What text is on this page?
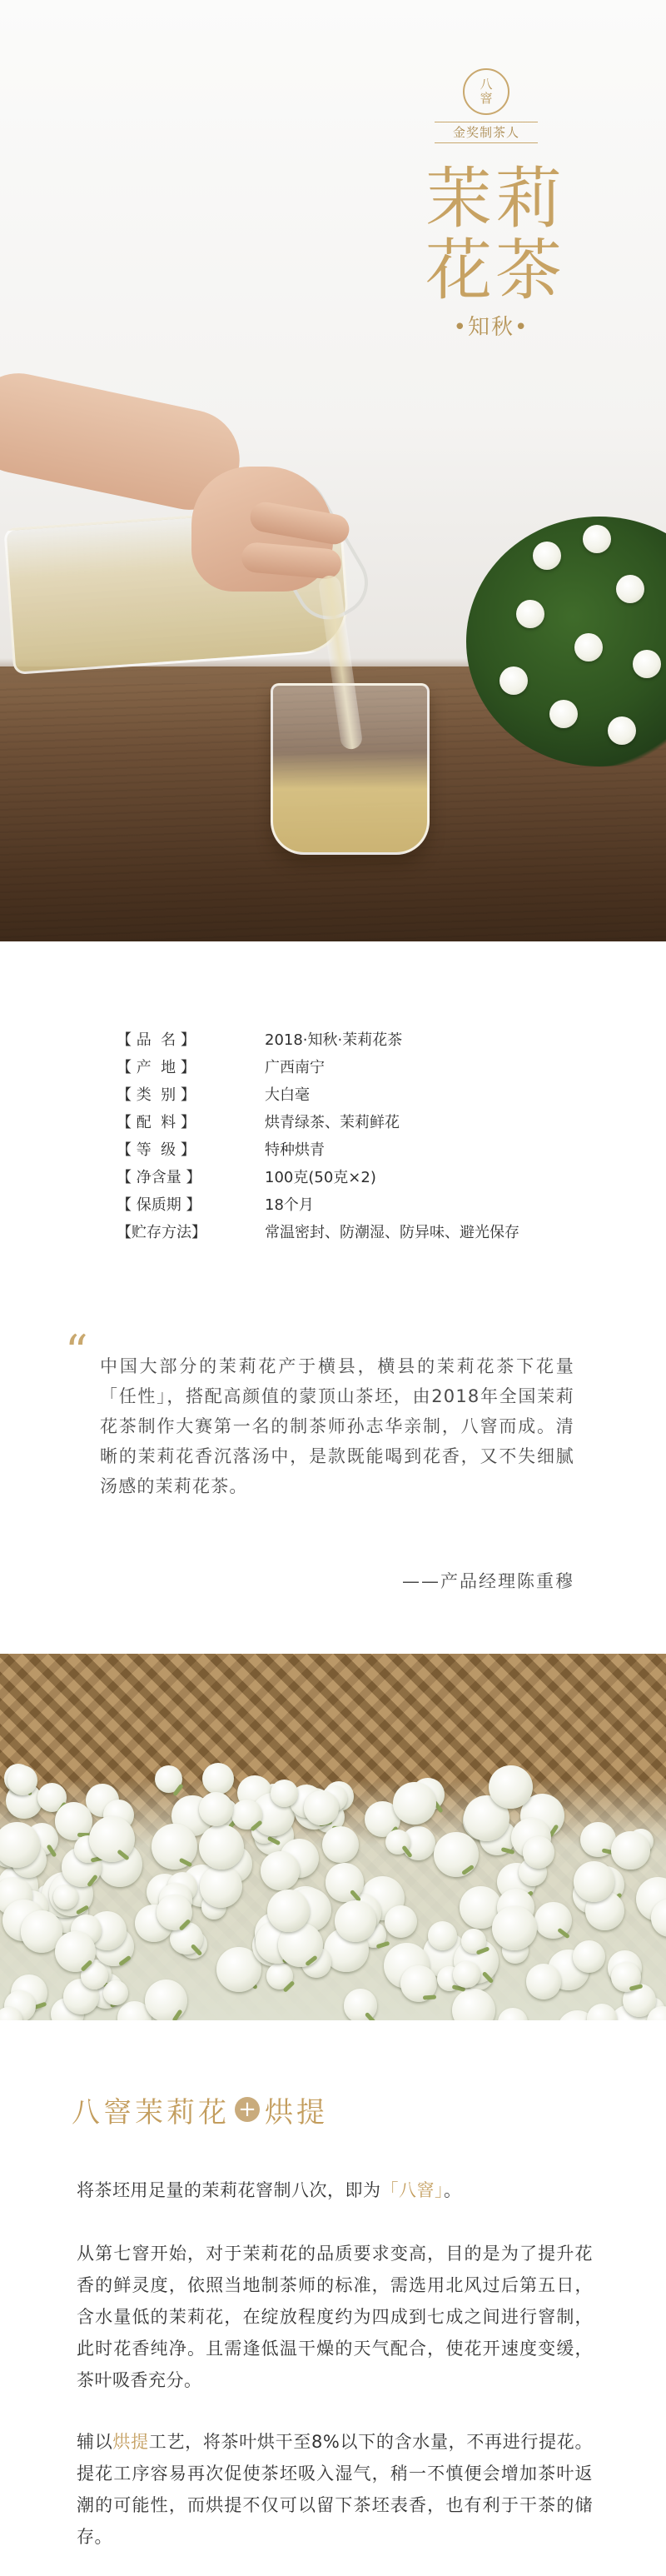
八窨
金奖制茶人
茉莉
花茶
•知秋•
【 品  名 】	2018·知秋·茉莉花茶
【 产  地 】	广西南宁
【 类  别 】	大白毫
【 配  料 】	烘青绿茶、茉莉鲜花
【 等  级 】	特种烘青
【 净含量 】	100克(50克×2)
【 保质期 】	18个月
【贮存方法】	常温密封、防潮湿、防异味、避光保存
“ 中国大部分的茉莉花产于横县，横县的茉莉花茶下花量「任性」，搭配高颜值的蒙顶山茶坯，由2018年全国茉莉花茶制作大赛第一名的制茶师孙志华亲制，八窨而成。清晰的茉莉花香沉落汤中，是款既能喝到花香，又不失细腻汤感的茉莉花茶。
——产品经理陈重穆
八窨茉莉花 + 烘提
将茶坯用足量的茉莉花窨制八次，即为「八窨」。
从第七窨开始，对于茉莉花的品质要求变高，目的是为了提升花香的鲜灵度，依照当地制茶师的标准，需选用北风过后第五日，含水量低的茉莉花，在绽放程度约为四成到七成之间进行窨制，此时花香纯净。且需逢低温干燥的天气配合，使花开速度变缓，茶叶吸香充分。
辅以烘提工艺，将茶叶烘干至8%以下的含水量，不再进行提花。提花工序容易再次促使茶坯吸入湿气，稍一不慎便会增加茶叶返潮的可能性，而烘提不仅可以留下茶坯表香，也有利于干茶的储存。
